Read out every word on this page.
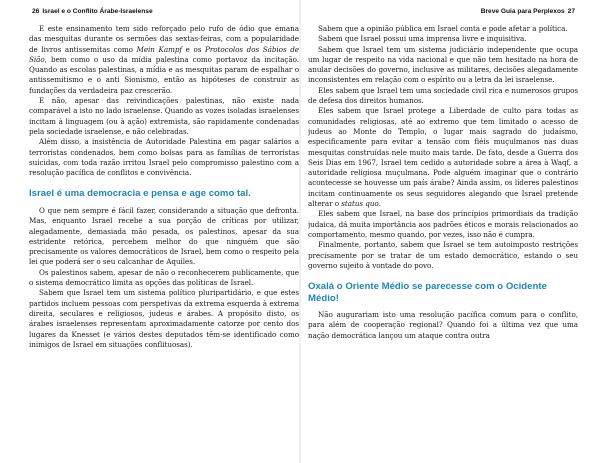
26 Israel e o Conflito Árabe-Israelense

E este ensinamento tem sido reforçado pelo rufo de ódio que emana das mesquitas durante os sermões das sextas-feiras, com a popularidade de livros antissemitas como Mein Kampf e os Protocolos dos Sábios de Sião, bem como o uso da mídia palestina como portavoz da incitação. Quando as escolas palestinas, a mídia e as mesquitas param de espalhar o antissemitismo e o anti Sionismo, então as hipóteses de construir as fundações da verdadeira paz crescerão.

E não, apesar das reivindicações palestinas, não existe nada comparável a isto no lado israelense. Quando as vozes isoladas israelenses incitam à linguagem (ou à ação) extremista, são rapidamente condenadas pela sociedade israelense, e não celebradas.

Além disso, a insistência de Autoridade Palestina em pagar salários a terroristas condenados, bem como bolsas para as famílias de terroristas suicidas, com toda razão irritou Israel pelo compromisso palestino com a resolução pacífica de conflitos e convivência.

Israel é uma democracia e pensa e age como tal.

O que nem sempre é fácil fazer, considerando a situação que defronta. Mas, enquanto Israel recebe a sua porção de críticas por utilizar, alegadamente, demasiada mão pesada, os palestinos, apesar da sua estridente retórica, percebem melhor do que ninguém que são precisamente os valores democráticos de Israel, bem como o respeito pela lei que poderá ser o seu calcanhar de Aquiles.

Os palestinos sabem, apesar de não o reconhecerem publicamente, que o sistema democrático limita as opções das políticas de Israel.

Sabem que Israel tem um sistema político pluripartidário, e que estes partidos incluem pessoas com perspetivas da extrema esquerda à extrema direita, seculares e religiosos, judeus e árabes. A propósito disto, os árabes israelenses representam aproximadamente catorze por cento dos lugares da Knesset (e vários destes deputados têm-se identificado como inimigos de Israel em situações conflituosas).

Breve Guia para Perplexos 27

Sabem que a opinião pública em Israel conta e pode afetar a política.

Sabem que Israel possui uma imprensa livre e inquisitiva.

Sabem que Israel tem um sistema judiciário independente que ocupa um lugar de respeito na vida nacional e que não tem hesitado na hora de anular decisões do governo, inclusive as militares, decisões alegadamente inconsistentes em relação com o espírito ou a letra da lei israelense.

Eles sabem que Israel tem uma sociedade civil rica e numerosos grupos de defesa dos direitos humanos.

Eles sabem que Israel protege a Liberdade de culto para todas as comunidades religiosas, até ao extremo que tem limitado o acesso de judeus ao Monte do Templo, o lugar mais sagrado do judaísmo, especificamente para evitar a tensão com fiéis muçulmanos nas duas mesquitas construídas nele muito mais tarde. De fato, desde a Guerra dos Seis Dias em 1967, Israel tem cedido a autoridade sobre a área à Waqf, a autoridade religiosa muçulmana. Pode alguém imaginar que o contrário acontecesse se houvesse um país árabe? Ainda assim, os líderes palestinos incitam continuamente os seus seguidores alegando que Israel pretende alterar o status quo.

Eles sabem que Israel, na base dos princípios primordiais da tradição judaica, dá muita importância aos padrões éticos e morais relacionados ao comportamento, mesmo quando, por vezes, isso não é cumpra.

Finalmente, portanto, sabem que Israel se tem autoimposto restrições precisamente por se tratar de um estado democrático, estando o seu governo sujeito à vontade do povo.

Oxalá o Oriente Médio se parecesse com o Ocidente Médio!

Não augurariam isto uma resolução pacífica comum para o conflito, para além de cooperação regional? Quando foi a última vez que uma nação democrática lançou um ataque contra outra
